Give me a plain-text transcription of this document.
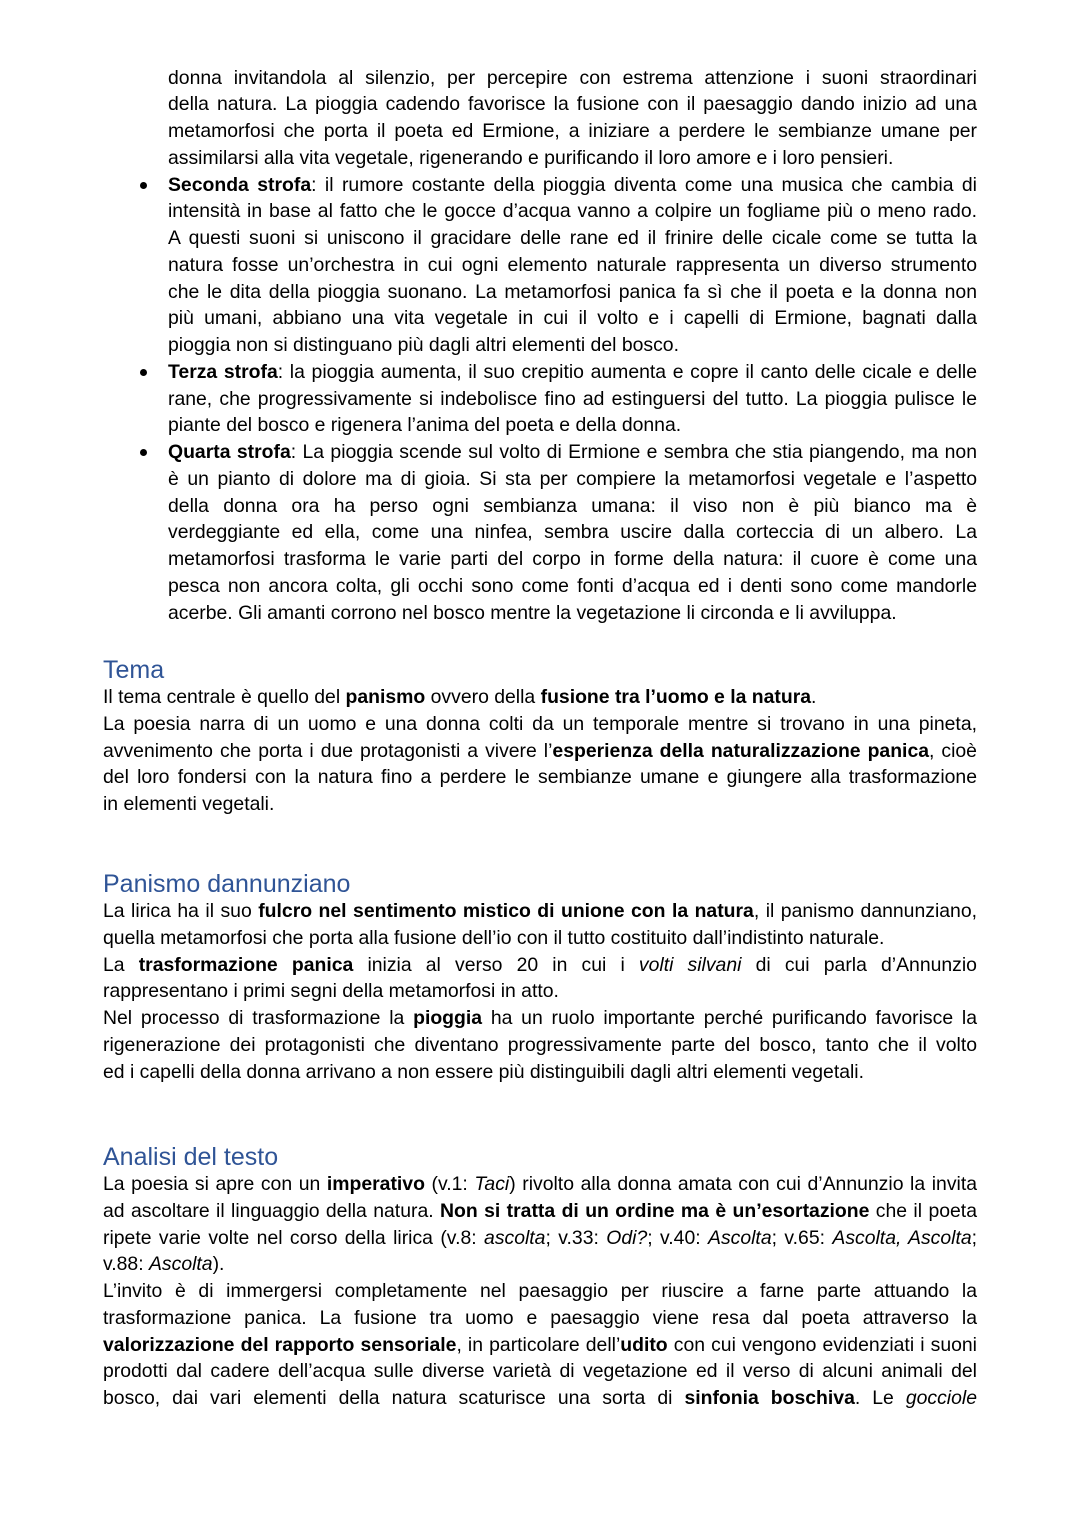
donna invitandola al silenzio, per percepire con estrema attenzione i suoni straordinari
della natura. La pioggia cadendo favorisce la fusione con il paesaggio dando inizio ad una
metamorfosi che porta il poeta ed Ermione, a iniziare a perdere le sembianze umane per
assimilarsi alla vita vegetale, rigenerando e purificando il loro amore e i loro pensieri.
Seconda strofa: il rumore costante della pioggia diventa come una musica che cambia di
intensità in base al fatto che le gocce d’acqua vanno a colpire un fogliame più o meno rado.
A questi suoni si uniscono il gracidare delle rane ed il frinire delle cicale come se tutta la
natura fosse un’orchestra in cui ogni elemento naturale rappresenta un diverso strumento
che le dita della pioggia suonano. La metamorfosi panica fa sì che il poeta e la donna non
più umani, abbiano una vita vegetale in cui il volto e i capelli di Ermione, bagnati dalla
pioggia non si distinguano più dagli altri elementi del bosco.
Terza strofa: la pioggia aumenta, il suo crepitio aumenta e copre il canto delle cicale e delle
rane, che progressivamente si indebolisce fino ad estinguersi del tutto. La pioggia pulisce le
piante del bosco e rigenera l’anima del poeta e della donna.
Quarta strofa: La pioggia scende sul volto di Ermione e sembra che stia piangendo, ma non
è un pianto di dolore ma di gioia. Si sta per compiere la metamorfosi vegetale e l’aspetto
della donna ora ha perso ogni sembianza umana: il viso non è più bianco ma è
verdeggiante ed ella, come una ninfea, sembra uscire dalla corteccia di un albero. La
metamorfosi trasforma le varie parti del corpo in forme della natura: il cuore è come una
pesca non ancora colta, gli occhi sono come fonti d’acqua ed i denti sono come mandorle
acerbe. Gli amanti corrono nel bosco mentre la vegetazione li circonda e li avviluppa.
Tema
Il tema centrale è quello del panismo ovvero della fusione tra l’uomo e la natura.
La poesia narra di un uomo e una donna colti da un temporale mentre si trovano in una pineta,
avvenimento che porta i due protagonisti a vivere l’esperienza della naturalizzazione panica, cioè
del loro fondersi con la natura fino a perdere le sembianze umane e giungere alla trasformazione
in elementi vegetali.
Panismo dannunziano
La lirica ha il suo fulcro nel sentimento mistico di unione con la natura, il panismo dannunziano,
quella metamorfosi che porta alla fusione dell’io con il tutto costituito dall’indistinto naturale.
La trasformazione panica inizia al verso 20 in cui i volti silvani di cui parla d’Annunzio
rappresentano i primi segni della metamorfosi in atto.
Nel processo di trasformazione la pioggia ha un ruolo importante perché purificando favorisce la
rigenerazione dei protagonisti che diventano progressivamente parte del bosco, tanto che il volto
ed i capelli della donna arrivano a non essere più distinguibili dagli altri elementi vegetali.
Analisi del testo
La poesia si apre con un imperativo (v.1: Taci) rivolto alla donna amata con cui d’Annunzio la invita
ad ascoltare il linguaggio della natura. Non si tratta di un ordine ma è un’esortazione che il poeta
ripete varie volte nel corso della lirica (v.8: ascolta; v.33: Odi?; v.40: Ascolta; v.65: Ascolta, Ascolta;
v.88: Ascolta).
L’invito è di immergersi completamente nel paesaggio per riuscire a farne parte attuando la
trasformazione panica. La fusione tra uomo e paesaggio viene resa dal poeta attraverso la
valorizzazione del rapporto sensoriale, in particolare dell’udito con cui vengono evidenziati i suoni
prodotti dal cadere dell’acqua sulle diverse varietà di vegetazione ed il verso di alcuni animali del
bosco, dai vari elementi della natura scaturisce una sorta di sinfonia boschiva. Le gocciole
